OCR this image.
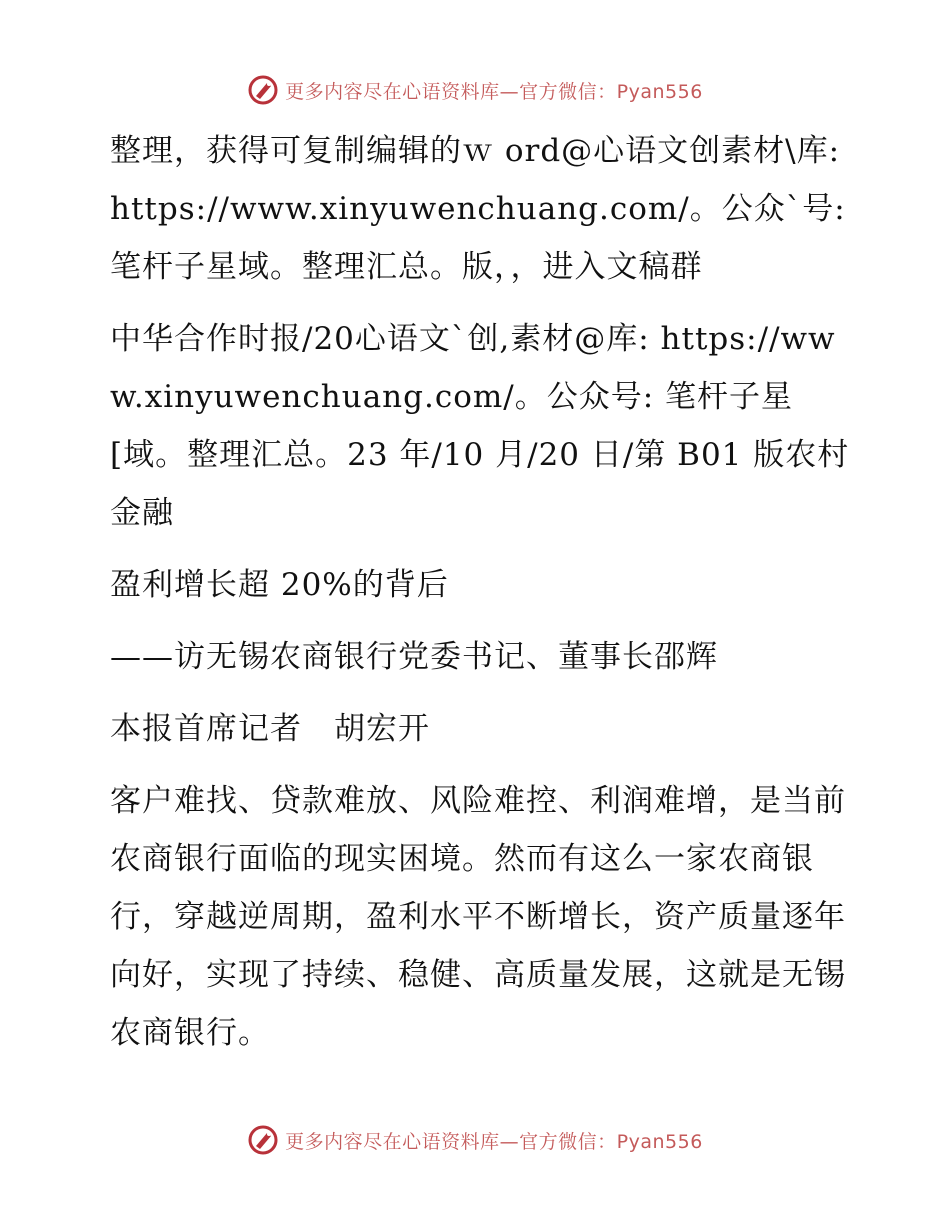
更多内容尽在心语资料库—官方微信：Pyan556

整理，获得可复制编辑的ｗ ord@心语文创素材\库: https://www.xinyuwenchuang.com/。公众`号: 笔杆子星域。整理汇总。版，，进入文稿群

中华合作时报/20心语文`创,素材@库: https://www.xinyuwenchuang.com/。公众号: 笔杆子星[域。整理汇总。23 年/10 月/20 日/第 B01 版农村金融

盈利增长超 20%的背后

——访无锡农商银行党委书记、董事长邵辉

本报首席记者　胡宏开

客户难找、贷款难放、风险难控、利润难增，是当前农商银行面临的现实困境。然而有这么一家农商银行，穿越逆周期，盈利水平不断增长，资产质量逐年向好，实现了持续、稳健、高质量发展，这就是无锡农商银行。

更多内容尽在心语资料库—官方微信：Pyan556
